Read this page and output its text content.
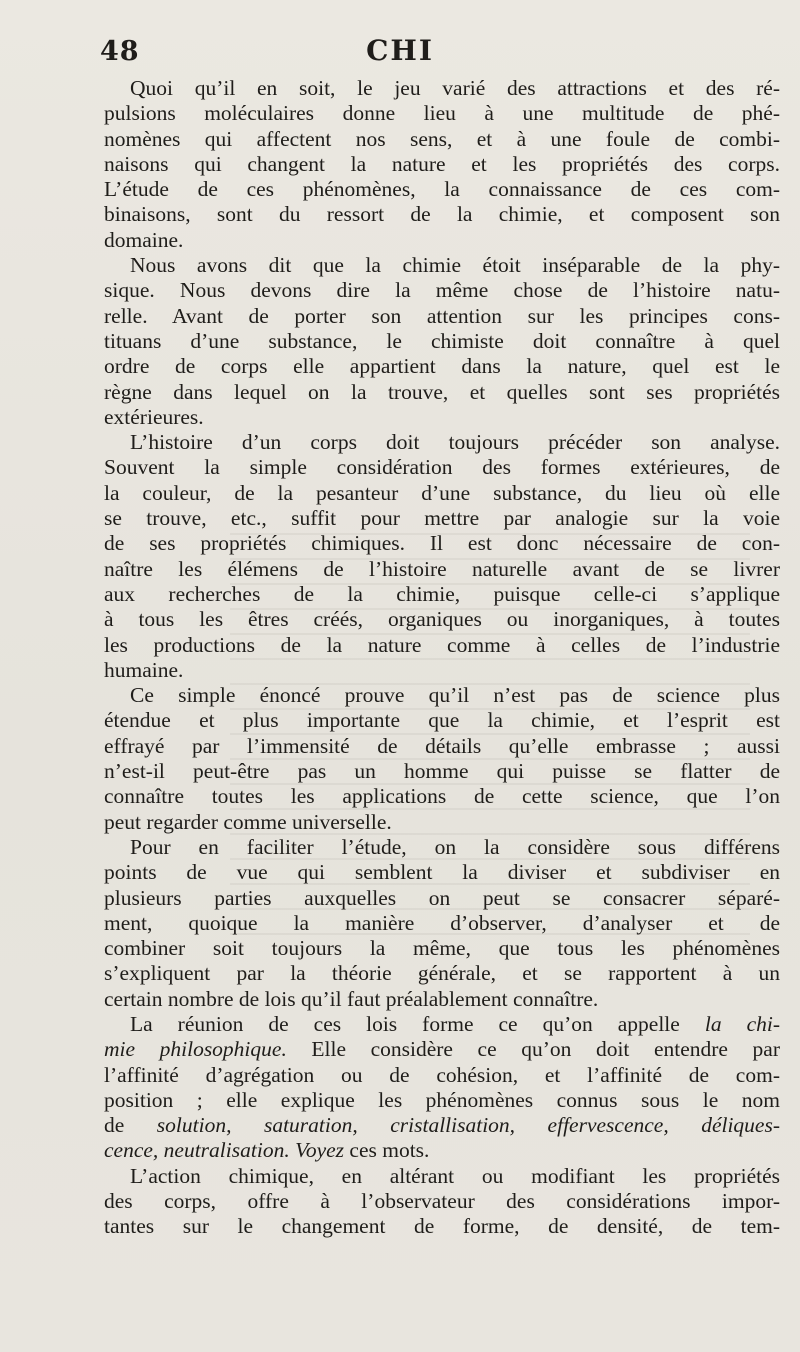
48	CHI
Quoi qu’il en soit, le jeu varié des attractions et des ré-
pulsions moléculaires donne lieu à une multitude de phé-
nomènes qui affectent nos sens, et à une foule de combi-
naisons qui changent la nature et les propriétés des corps.
L’étude de ces phénomènes, la connaissance de ces com-
binaisons, sont du ressort de la chimie, et composent son
domaine.
Nous avons dit que la chimie étoit inséparable de la phy-
sique. Nous devons dire la même chose de l’histoire natu-
relle. Avant de porter son attention sur les principes cons-
tituans d’une substance, le chimiste doit connaître à quel
ordre de corps elle appartient dans la nature, quel est le
règne dans lequel on la trouve, et quelles sont ses propriétés
extérieures.
L’histoire d’un corps doit toujours précéder son analyse.
Souvent la simple considération des formes extérieures, de
la couleur, de la pesanteur d’une substance, du lieu où elle
se trouve, etc., suffit pour mettre par analogie sur la voie
de ses propriétés chimiques. Il est donc nécessaire de con-
naître les élémens de l’histoire naturelle avant de se livrer
aux recherches de la chimie, puisque celle-ci s’applique
à tous les êtres créés, organiques ou inorganiques, à toutes
les productions de la nature comme à celles de l’industrie
humaine.
Ce simple énoncé prouve qu’il n’est pas de science plus
étendue et plus importante que la chimie, et l’esprit est
effrayé par l’immensité de détails qu’elle embrasse ; aussi
n’est-il peut-être pas un homme qui puisse se flatter de
connaître toutes les applications de cette science, que l’on
peut regarder comme universelle.
Pour en faciliter l’étude, on la considère sous différens
points de vue qui semblent la diviser et subdiviser en
plusieurs parties auxquelles on peut se consacrer séparé-
ment, quoique la manière d’observer, d’analyser et de
combiner soit toujours la même, que tous les phénomènes
s’expliquent par la théorie générale, et se rapportent à un
certain nombre de lois qu’il faut préalablement connaître.
La réunion de ces lois forme ce qu’on appelle la chi-
mie philosophique. Elle considère ce qu’on doit entendre par
l’affinité d’agrégation ou de cohésion, et l’affinité de com-
position ; elle explique les phénomènes connus sous le nom
de solution, saturation, cristallisation, effervescence, déliques-
cence, neutralisation. Voyez ces mots.
L’action chimique, en altérant ou modifiant les propriétés
des corps, offre à l’observateur des considérations impor-
tantes sur le changement de forme, de densité, de tem-
